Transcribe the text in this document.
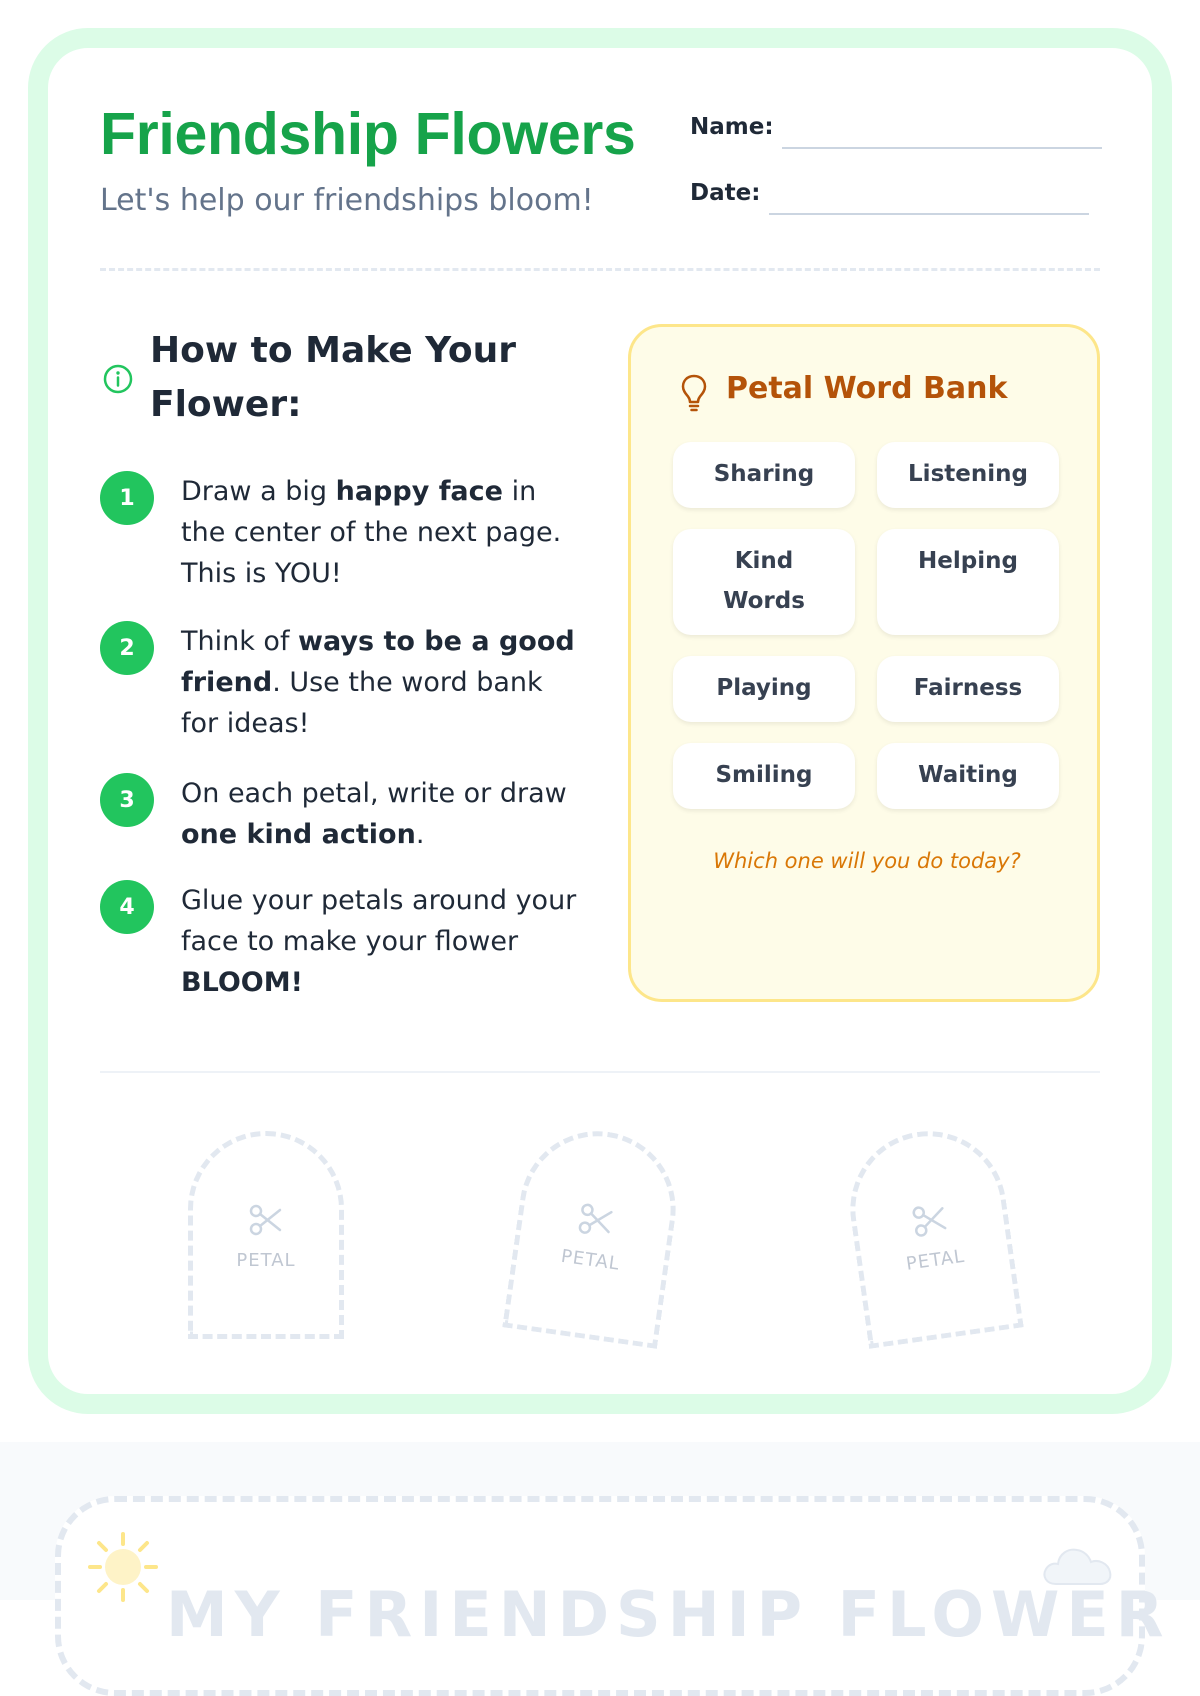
Friendship Flowers
Let's help our friendships bloom!
Name:
Date:
How to Make Your Flower:
1	Draw a big happy face in the center of the next page. This is YOU!
2	Think of ways to be a good friend. Use the word bank for ideas!
3	On each petal, write or draw one kind action.
4	Glue your petals around your face to make your flower BLOOM!
Petal Word Bank
Sharing	Listening
Kind Words
Helping
Playing	Fairness
Smiling	Waiting
Which one will you do today?
PETAL	PETAL	PETAL
MY FRIENDSHIP FLOWER
